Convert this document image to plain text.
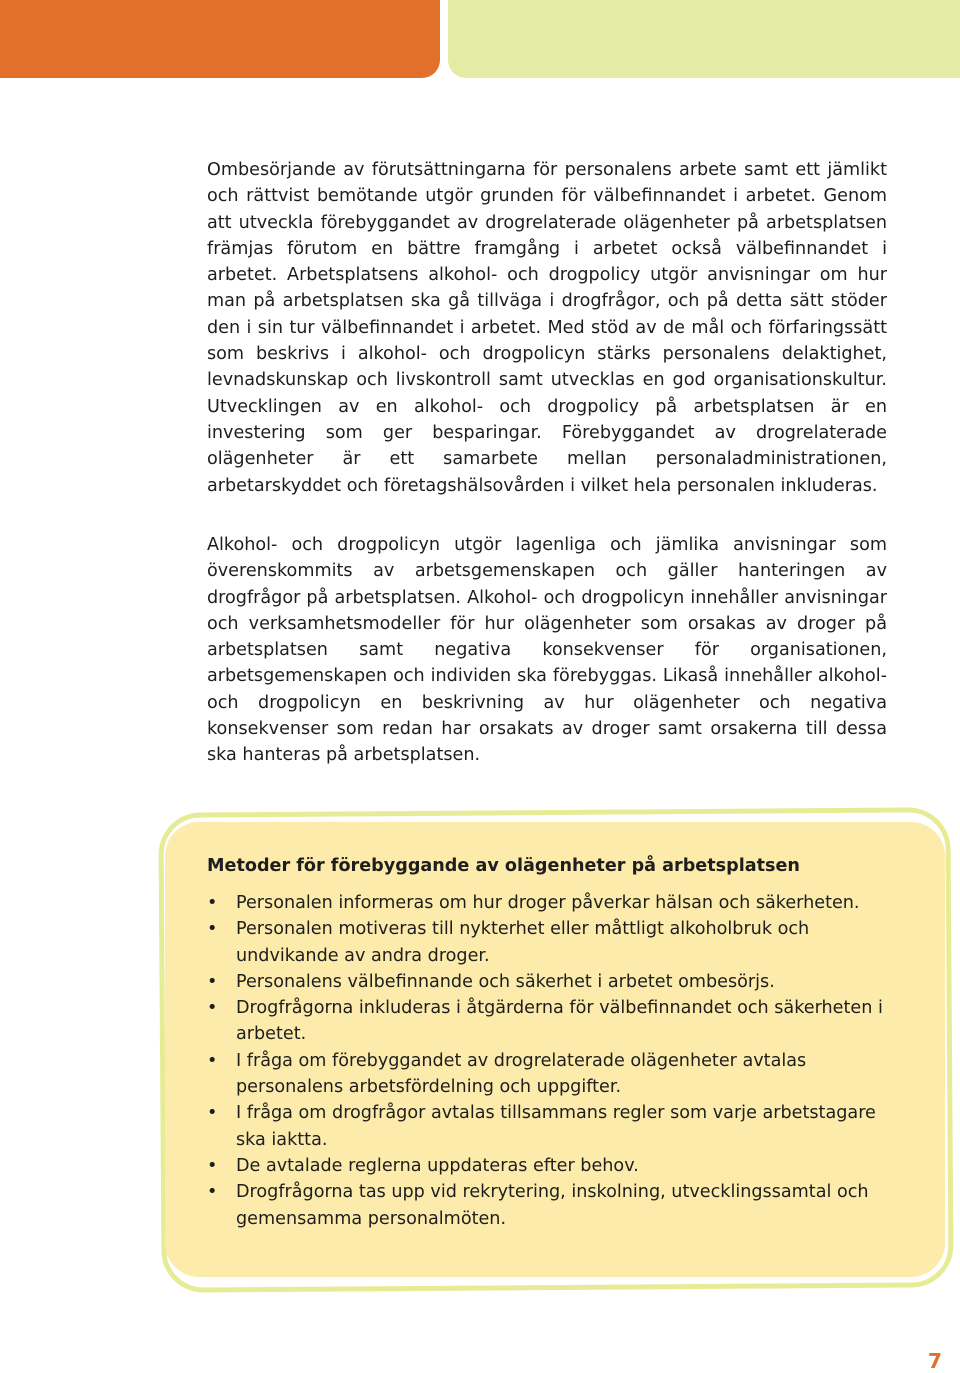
Ombesörjande av förutsättningarna för personalens arbete samt ett jämlikt och rättvist bemötande utgör grunden för välbefinnandet i arbetet. Genom att utveckla förebyggandet av drogrelaterade olägenheter på arbetsplatsen främjas förutom en bättre framgång i arbetet också välbefinnandet i arbetet. Arbetsplatsens alkohol- och drogpolicy utgör anvisningar om hur man på arbetsplatsen ska gå tillväga i drogfrågor, och på detta sätt stöder den i sin tur välbefinnandet i arbetet. Med stöd av de mål och förfaringssätt som beskrivs i alkohol- och drogpolicyn stärks personalens delaktighet, levnadskunskap och livskontroll samt utvecklas en god organisationskultur. Utvecklingen av en alkohol- och drogpolicy på arbetsplatsen är en investering som ger besparingar. Förebyggandet av drogrelaterade olägenheter är ett samarbete mellan personaladministrationen, arbetarskyddet och företagshälsovården i vilket hela personalen inkluderas.

Alkohol- och drogpolicyn utgör lagenliga och jämlika anvisningar som överenskommits av arbetsgemenskapen och gäller hanteringen av drogfrågor på arbetsplatsen. Alkohol- och drogpolicyn innehåller anvisningar och verksamhetsmodeller för hur olägenheter som orsakas av droger på arbetsplatsen samt negativa konsekvenser för organisationen, arbetsgemenskapen och individen ska förebyggas. Likaså innehåller alkohol- och drogpolicyn en beskrivning av hur olägenheter och negativa konsekvenser som redan har orsakats av droger samt orsakerna till dessa ska hanteras på arbetsplatsen.

Metoder för förebyggande av olägenheter på arbetsplatsen
• Personalen informeras om hur droger påverkar hälsan och säkerheten.
• Personalen motiveras till nykterhet eller måttligt alkoholbruk och undvikande av andra droger.
• Personalens välbefinnande och säkerhet i arbetet ombesörjs.
• Drogfrågorna inkluderas i åtgärderna för välbefinnandet och säkerheten i arbetet.
• I fråga om förebyggandet av drogrelaterade olägenheter avtalas personalens arbetsfördelning och uppgifter.
• I fråga om drogfrågor avtalas tillsammans regler som varje arbetstagare ska iaktta.
• De avtalade reglerna uppdateras efter behov.
• Drogfrågorna tas upp vid rekrytering, inskolning, utvecklingssamtal och gemensamma personalmöten.
7
